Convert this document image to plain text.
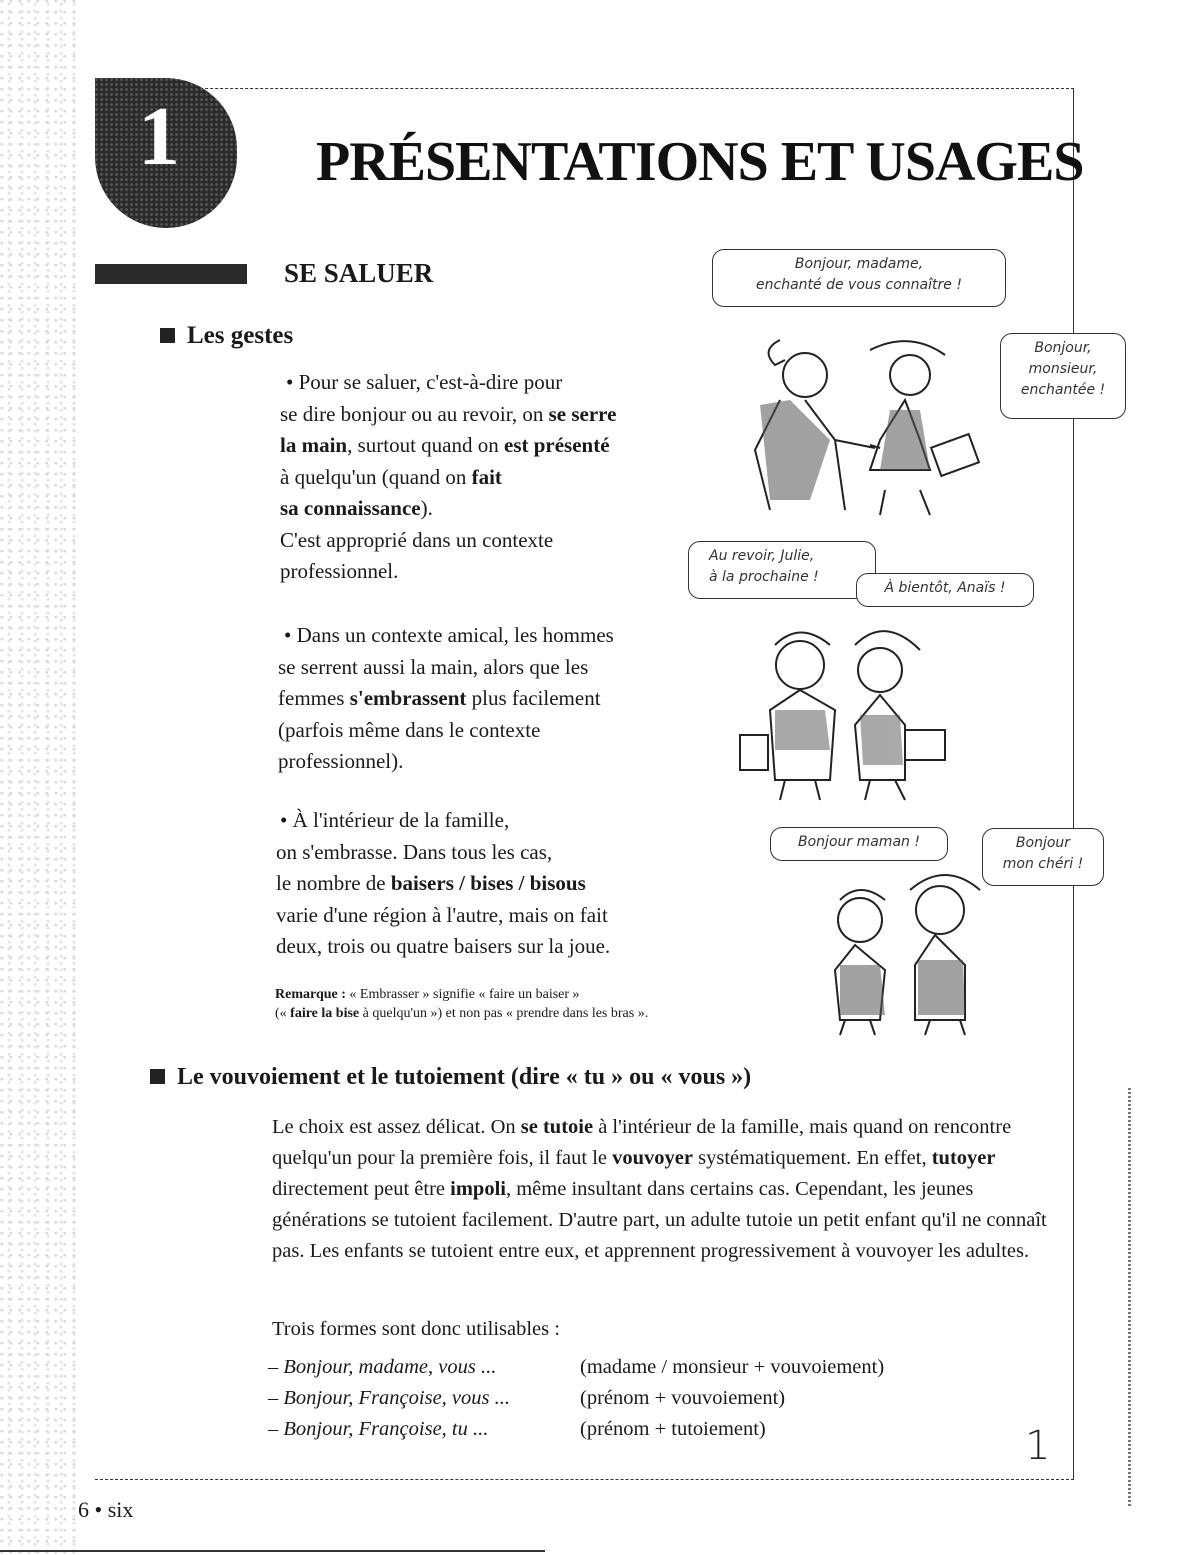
1	PRÉSENTATIONS ET USAGES
SE SALUER
Les gestes

• Pour se saluer, c'est-à-dire pour
se dire bonjour ou au revoir, on se serre
la main, surtout quand on est présenté
à quelqu'un (quand on fait
sa connaissance).
C'est approprié dans un contexte
professionnel.

• Dans un contexte amical, les hommes
se serrent aussi la main, alors que les
femmes s'embrassent plus facilement
(parfois même dans le contexte
professionnel).

• À l'intérieur de la famille,
on s'embrasse. Dans tous les cas,
le nombre de baisers / bises / bisous
varie d'une région à l'autre, mais on fait
deux, trois ou quatre baisers sur la joue.

Remarque : « Embrasser » signifie « faire un baiser »
(« faire la bise à quelqu'un ») et non pas « prendre dans les bras ».

Bonjour, madame,
enchanté de vous connaître !
Bonjour,
monsieur,
enchantée !
Au revoir, Julie,
à la prochaine !
À bientôt, Anaïs !
Bonjour maman !	Bonjour
mon chéri !
Le vouvoiement et le tutoiement (dire « tu » ou « vous »)

Le choix est assez délicat. On se tutoie à l'intérieur de la famille, mais quand on rencontre quelqu'un pour la première fois, il faut le vouvoyer systématiquement. En effet, tutoyer directement peut être impoli, même insultant dans certains cas. Cependant, les jeunes générations se tutoient facilement. D'autre part, un adulte tutoie un petit enfant qu'il ne connaît pas. Les enfants se tutoient entre eux, et apprennent progressivement à vouvoyer les adultes.

Trois formes sont donc utilisables :

– Bonjour, madame, vous ...	(madame / monsieur + vouvoiement)
– Bonjour, Françoise, vous ...	(prénom + vouvoiement)
– Bonjour, Françoise, tu ...	(prénom + tutoiement)	1
6 • six
